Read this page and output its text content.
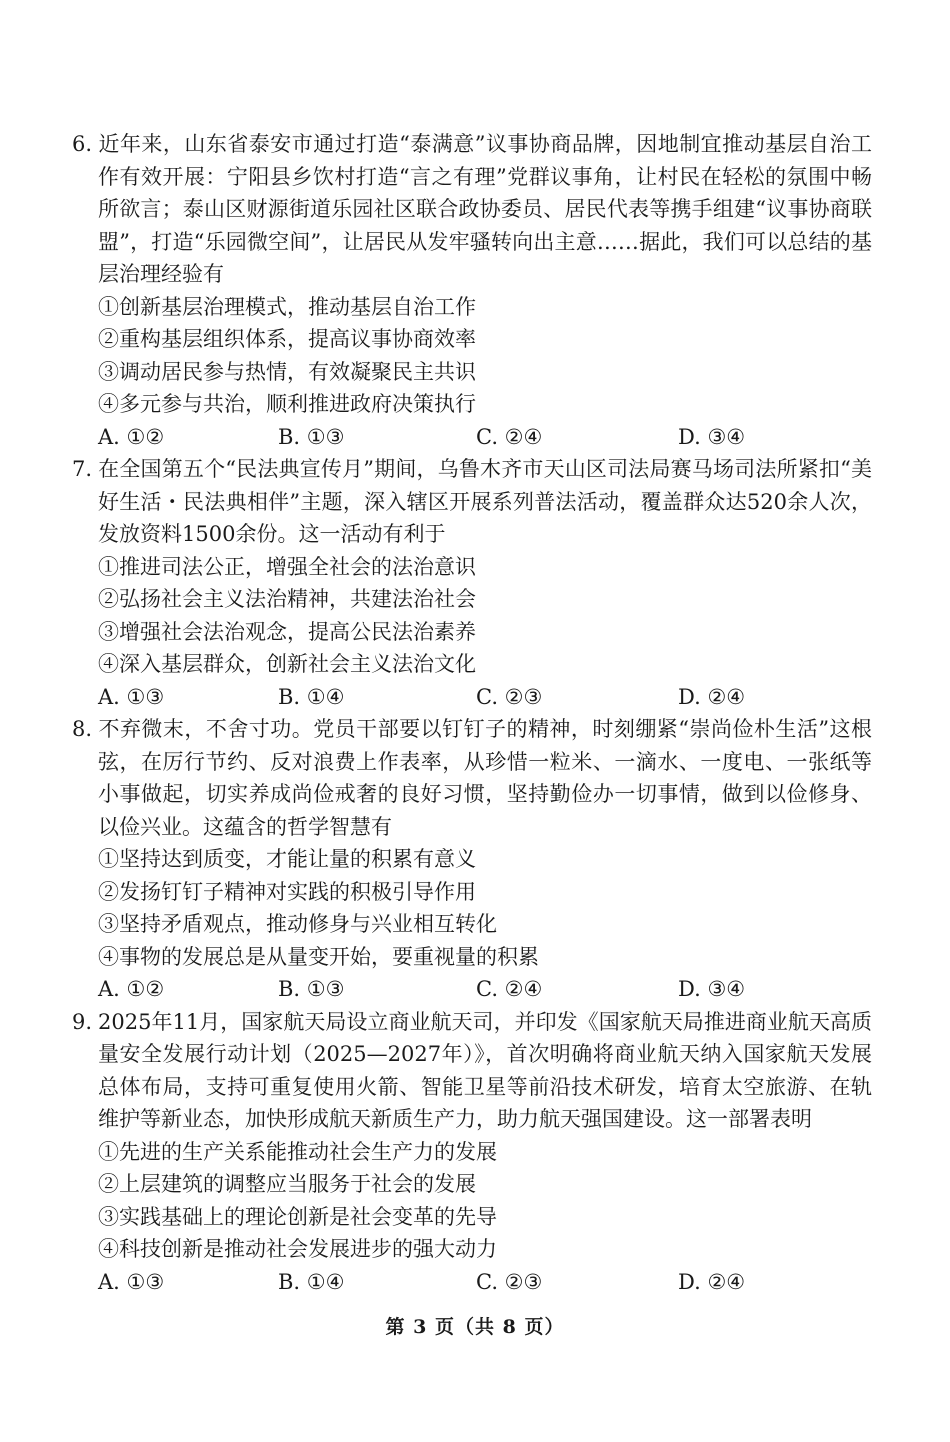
6. 近年来，山东省泰安市通过打造“泰满意”议事协商品牌，因地制宜推动基层自治工作有效开展：宁阳县乡饮村打造“言之有理”党群议事角，让村民在轻松的氛围中畅所欲言；泰山区财源街道乐园社区联合政协委员、居民代表等携手组建“议事协商联盟”，打造“乐园微空间”，让居民从发牢骚转向出主意……据此，我们可以总结的基层治理经验有

①创新基层治理模式，推动基层自治工作
②重构基层组织体系，提高议事协商效率
③调动居民参与热情，有效凝聚民主共识
④多元参与共治，顺利推进政府决策执行
A. ①②	B. ①③	C. ②④	D. ③④

7. 在全国第五个“民法典宣传月”期间，乌鲁木齐市天山区司法局赛马场司法所紧扣“美好生活・民法典相伴”主题，深入辖区开展系列普法活动，覆盖群众达520余人次，发放资料1500余份。这一活动有利于

①推进司法公正，增强全社会的法治意识
②弘扬社会主义法治精神，共建法治社会
③增强社会法治观念，提高公民法治素养
④深入基层群众，创新社会主义法治文化
A. ①③	B. ①④	C. ②③	D. ②④

8. 不弃微末，不舍寸功。党员干部要以钉钉子的精神，时刻绷紧“崇尚俭朴生活”这根弦，在厉行节约、反对浪费上作表率，从珍惜一粒米、一滴水、一度电、一张纸等小事做起，切实养成尚俭戒奢的良好习惯，坚持勤俭办一切事情，做到以俭修身、以俭兴业。这蕴含的哲学智慧有

①坚持达到质变，才能让量的积累有意义
②发扬钉钉子精神对实践的积极引导作用
③坚持矛盾观点，推动修身与兴业相互转化
④事物的发展总是从量变开始，要重视量的积累
A. ①②	B. ①③	C. ②④	D. ③④

9. 2025年11月，国家航天局设立商业航天司，并印发《国家航天局推进商业航天高质量安全发展行动计划（2025—2027年）》，首次明确将商业航天纳入国家航天发展总体布局，支持可重复使用火箭、智能卫星等前沿技术研发，培育太空旅游、在轨维护等新业态，加快形成航天新质生产力，助力航天强国建设。这一部署表明

①先进的生产关系能推动社会生产力的发展
②上层建筑的调整应当服务于社会的发展
③实践基础上的理论创新是社会变革的先导
④科技创新是推动社会发展进步的强大动力
A. ①③	B. ①④	C. ②③	D. ②④
第 3 页（共 8 页）
